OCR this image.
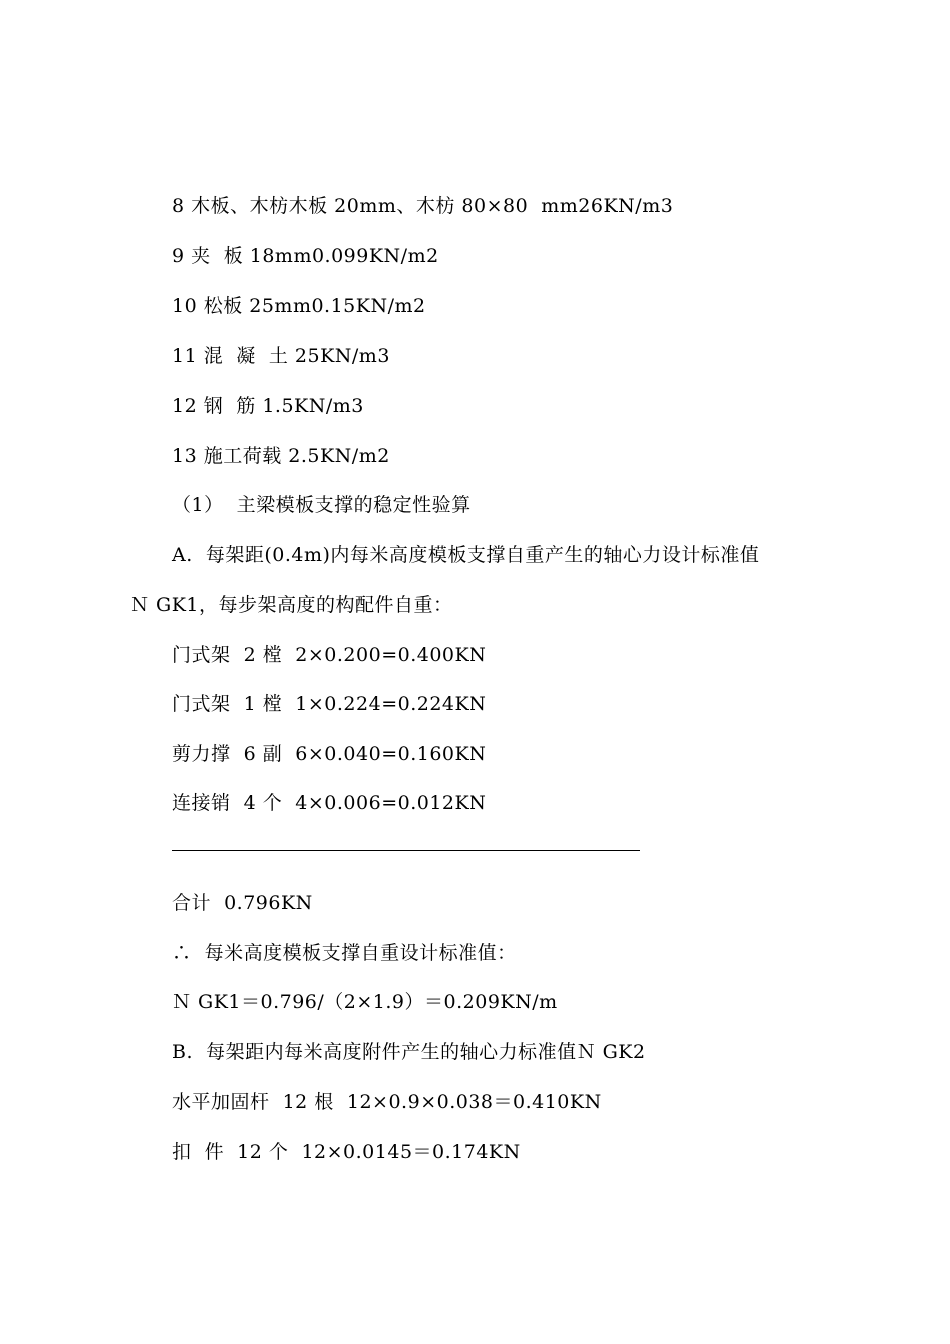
8 木板、木枋木板 20mm、木枋 80×80  mm26KN/m3
9 夹  板 18mm0.099KN/m2
10 松板 25mm0.15KN/m2
11 混  凝  土 25KN/m3
12 钢  筋 1.5KN/m3
13 施工荷载 2.5KN/m2
（1）  主梁模板支撑的稳定性验算
A.  每架距(0.4m)内每米高度模板支撑自重产生的轴心力设计标准值
Ｎ GK1，每步架高度的构配件自重：
门式架  2 樘  2×0.200=0.400KN
门式架  1 樘  1×0.224=0.224KN
剪力撑  6 副  6×0.040=0.160KN
连接销  4 个  4×0.006=0.012KN
合计  0.796KN
∴  每米高度模板支撑自重设计标准值：
Ｎ GK1＝0.796/（2×1.9）＝0.209KN/m
B.  每架距内每米高度附件产生的轴心力标准值Ｎ GK2
水平加固杆  12 根  12×0.9×0.038＝0.410KN
扣  件  12 个  12×0.0145＝0.174KN
